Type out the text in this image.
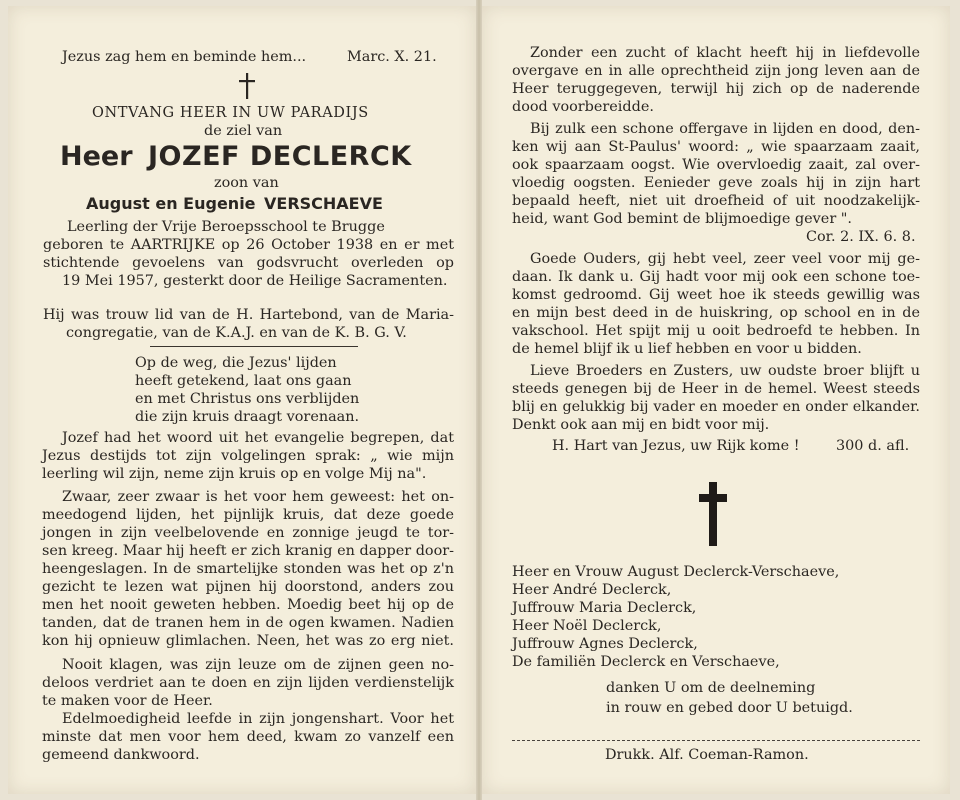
Jezus zag hem en beminde hem...	Marc. X. 21.
ONTVANG HEER IN UW PARADIJS
de ziel van
Heer JOZEF DECLERCK
zoon van
August en Eugenie VERSCHAEVE
Leerling der Vrije Beroepsschool te Brugge
geboren te AARTRIJKE op 26 October 1938 en er met
stichtende gevoelens van godsvrucht overleden op
19 Mei 1957, gesterkt door de Heilige Sacramenten.
Hij was trouw lid van de H. Hartebond, van de Maria-
congregatie, van de K.A.J. en van de K. B. G. V.
Op de weg, die Jezus' lijden
heeft getekend, laat ons gaan
en met Christus ons verblijden
die zijn kruis draagt vorenaan.
Jozef had het woord uit het evangelie begrepen, dat
Jezus destijds tot zijn volgelingen sprak: „ wie mijn
leerling wil zijn, neme zijn kruis op en volge Mij na".
Zwaar, zeer zwaar is het voor hem geweest: het on-
meedogend lijden, het pijnlijk kruis, dat deze goede
jongen in zijn veelbelovende en zonnige jeugd te tor-
sen kreeg. Maar hij heeft er zich kranig en dapper door-
heengeslagen. In de smartelijke stonden was het op z'n
gezicht te lezen wat pijnen hij doorstond, anders zou
men het nooit geweten hebben. Moedig beet hij op de
tanden, dat de tranen hem in de ogen kwamen. Nadien
kon hij opnieuw glimlachen. Neen, het was zo erg niet.
Nooit klagen, was zijn leuze om de zijnen geen no-
deloos verdriet aan te doen en zijn lijden verdienstelijk
te maken voor de Heer.
Edelmoedigheid leefde in zijn jongenshart. Voor het
minste dat men voor hem deed, kwam zo vanzelf een
gemeend dankwoord.
Zonder een zucht of klacht heeft hij in liefdevolle
overgave en in alle oprechtheid zijn jong leven aan de
Heer teruggegeven, terwijl hij zich op de naderende
dood voorbereidde.
Bij zulk een schone offergave in lijden en dood, den-
ken wij aan St-Paulus' woord: „ wie spaarzaam zaait,
ook spaarzaam oogst. Wie overvloedig zaait, zal over-
vloedig oogsten. Eenieder geve zoals hij in zijn hart
bepaald heeft, niet uit droefheid of uit noodzakelijk-
heid, want God bemint de blijmoedige gever ".
Cor. 2. IX. 6. 8.
Goede Ouders, gij hebt veel, zeer veel voor mij ge-
daan. Ik dank u. Gij hadt voor mij ook een schone toe-
komst gedroomd. Gij weet hoe ik steeds gewillig was
en mijn best deed in de huiskring, op school en in de
vakschool. Het spijt mij u ooit bedroefd te hebben. In
de hemel blijf ik u lief hebben en voor u bidden.
Lieve Broeders en Zusters, uw oudste broer blijft u
steeds genegen bij de Heer in de hemel. Weest steeds
blij en gelukkig bij vader en moeder en onder elkander.
Denkt ook aan mij en bidt voor mij.
H. Hart van Jezus, uw Rijk kome !	300 d. afl.
Heer en Vrouw August Declerck-Verschaeve,
Heer André Declerck,
Juffrouw Maria Declerck,
Heer Noël Declerck,
Juffrouw Agnes Declerck,
De familiën Declerck en Verschaeve,
danken U om de deelneming
in rouw en gebed door U betuigd.
Drukk. Alf. Coeman-Ramon.
